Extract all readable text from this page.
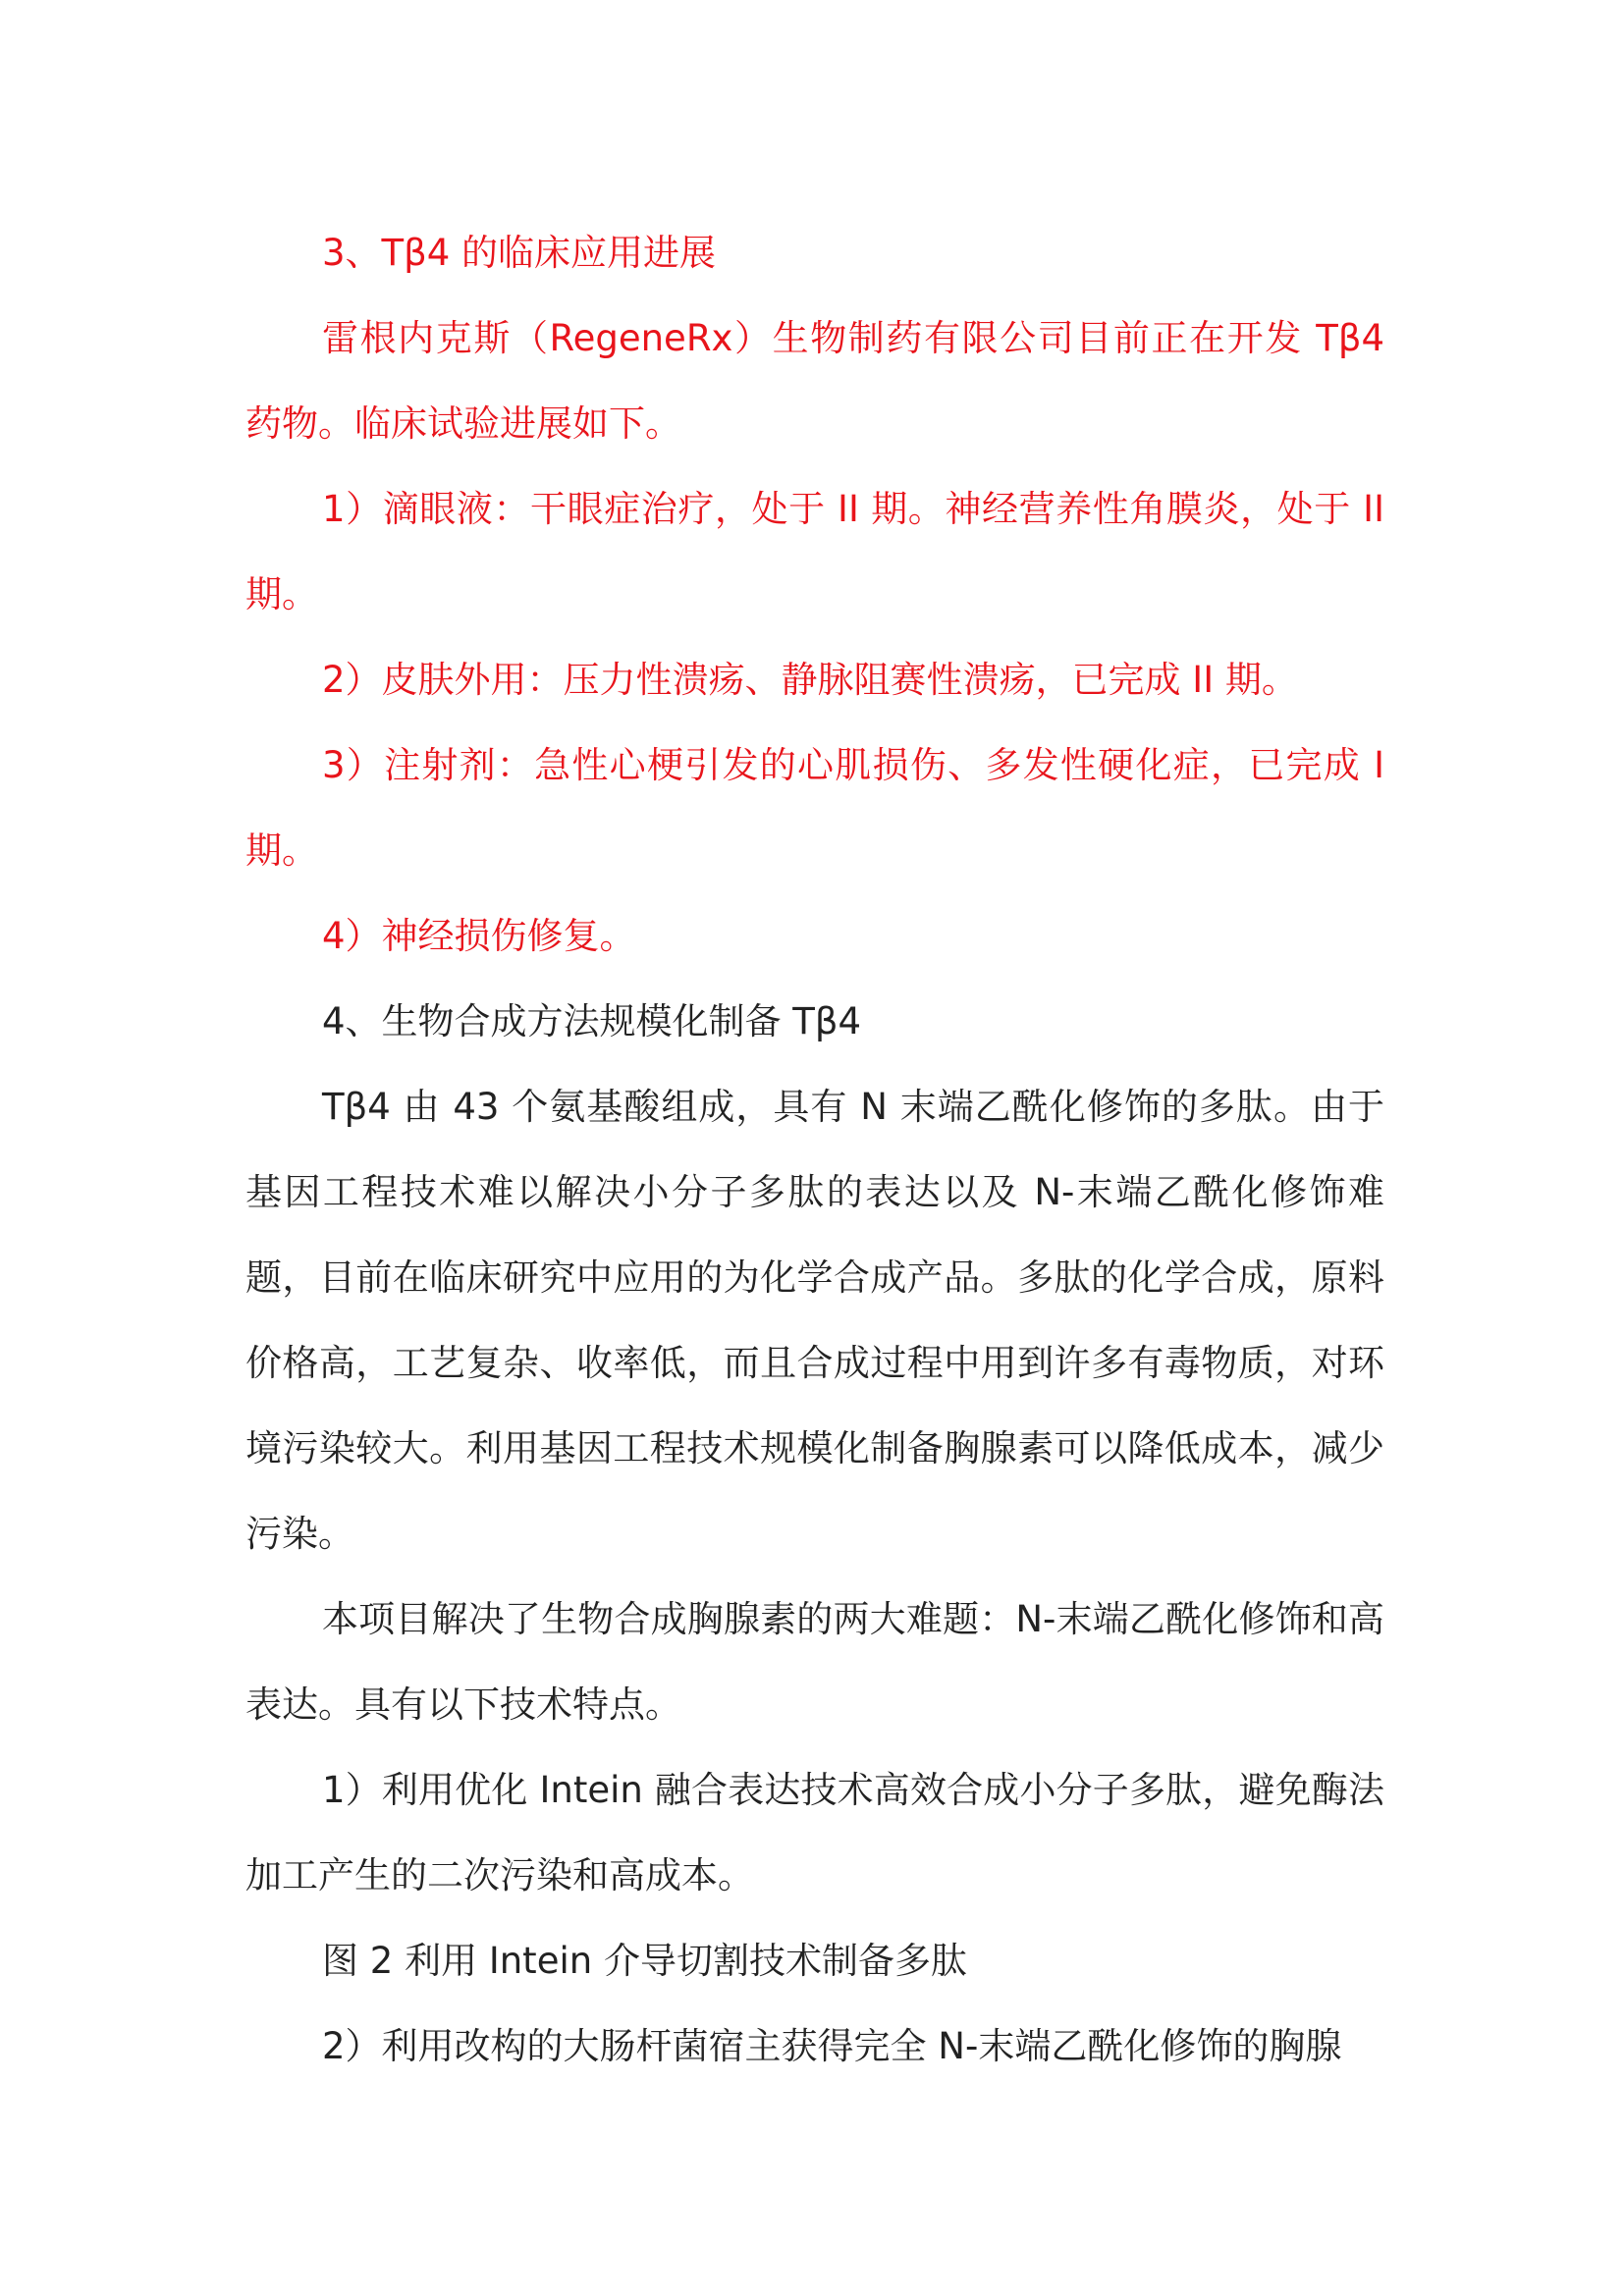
3、Tβ4 的临床应用进展

雷根内克斯（RegeneRx）生物制药有限公司目前正在开发 Tβ4 药物。临床试验进展如下。

1）滴眼液：干眼症治疗，处于 II 期。神经营养性角膜炎，处于 II 期。

2）皮肤外用：压力性溃疡、静脉阻赛性溃疡，已完成 II 期。

3）注射剂：急性心梗引发的心肌损伤、多发性硬化症，已完成 I 期。

4）神经损伤修复。

4、生物合成方法规模化制备 Tβ4

Tβ4 由 43 个氨基酸组成，具有 N 末端乙酰化修饰的多肽。由于基因工程技术难以解决小分子多肽的表达以及 N-末端乙酰化修饰难题，目前在临床研究中应用的为化学合成产品。多肽的化学合成，原料价格高，工艺复杂、收率低，而且合成过程中用到许多有毒物质，对环境污染较大。利用基因工程技术规模化制备胸腺素可以降低成本，减少污染。

本项目解决了生物合成胸腺素的两大难题：N-末端乙酰化修饰和高表达。具有以下技术特点。

1）利用优化 Intein 融合表达技术高效合成小分子多肽，避免酶法加工产生的二次污染和高成本。

图 2 利用 Intein 介导切割技术制备多肽

2）利用改构的大肠杆菌宿主获得完全 N-末端乙酰化修饰的胸腺
